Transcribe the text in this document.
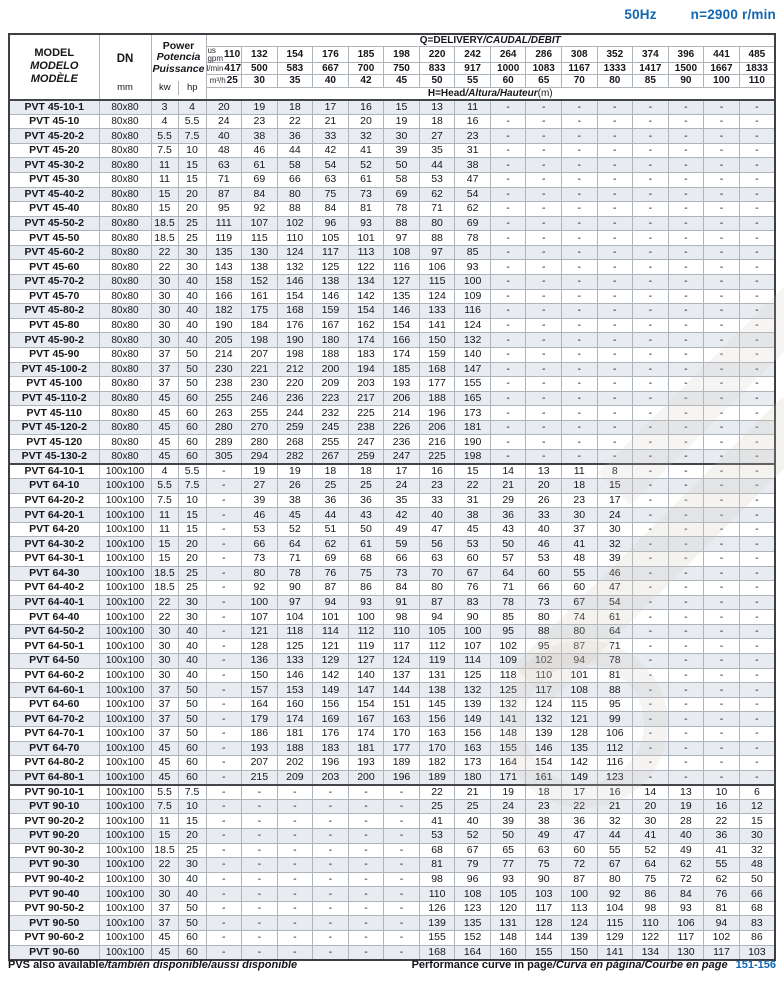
50Hz	n=2900 r/min
MODEL
MODELO
MODÈLE

DN
mm

Power
Potencia
Puissance
kw	hp
	Q=DELIVERY/CAUDAL/DÉBIT

				us
gpm 110	132	154	176	185	198	220	242	264	286	308	352	374	396	441	485

				l/min 417	500	583	667	700	750	833	917	1000	1083	1167	1333	1417	1500	1667	1833

				m³/h 25	30	35	40	42	45	50	55	60	65	70	80	85	90	100	110
				H=Head/Altura/Hauteur(m)															
PVT 45-10-1	80x80	3	4	20	19	18	17	16	15	13	11	-	-	-	-	-	-	-	-
PVT 45-10	80x80	4	5.5	24	23	22	21	20	19	18	16	-	-	-	-	-	-	-	-
PVT 45-20-2	80x80	5.5	7.5	40	38	36	33	32	30	27	23	-	-	-	-	-	-	-	-
PVT 45-20	80x80	7.5	10	48	46	44	42	41	39	35	31	-	-	-	-	-	-	-	-
PVT 45-30-2	80x80	11	15	63	61	58	54	52	50	44	38	-	-	-	-	-	-	-	-
PVT 45-30	80x80	11	15	71	69	66	63	61	58	53	47	-	-	-	-	-	-	-	-
PVT 45-40-2	80x80	15	20	87	84	80	75	73	69	62	54	-	-	-	-	-	-	-	-
PVT 45-40	80x80	15	20	95	92	88	84	81	78	71	62	-	-	-	-	-	-	-	-
PVT 45-50-2	80x80	18.5	25	111	107	102	96	93	88	80	69	-	-	-	-	-	-	-	-
PVT 45-50	80x80	18.5	25	119	115	110	105	101	97	88	78	-	-	-	-	-	-	-	-
PVT 45-60-2	80x80	22	30	135	130	124	117	113	108	97	85	-	-	-	-	-	-	-	-
PVT 45-60	80x80	22	30	143	138	132	125	122	116	106	93	-	-	-	-	-	-	-	-
PVT 45-70-2	80x80	30	40	158	152	146	138	134	127	115	100	-	-	-	-	-	-	-	-
PVT 45-70	80x80	30	40	166	161	154	146	142	135	124	109	-	-	-	-	-	-	-	-
PVT 45-80-2	80x80	30	40	182	175	168	159	154	146	133	116	-	-	-	-	-	-	-	-
PVT 45-80	80x80	30	40	190	184	176	167	162	154	141	124	-	-	-	-	-	-	-	-
PVT 45-90-2	80x80	30	40	205	198	190	180	174	166	150	132	-	-	-	-	-	-	-	-
PVT 45-90	80x80	37	50	214	207	198	188	183	174	159	140	-	-	-	-	-	-	-	-
PVT 45-100-2	80x80	37	50	230	221	212	200	194	185	168	147	-	-	-	-	-	-	-	-
PVT 45-100	80x80	37	50	238	230	220	209	203	193	177	155	-	-	-	-	-	-	-	-
PVT 45-110-2	80x80	45	60	255	246	236	223	217	206	188	165	-	-	-	-	-	-	-	-
PVT 45-110	80x80	45	60	263	255	244	232	225	214	196	173	-	-	-	-	-	-	-	-
PVT 45-120-2	80x80	45	60	280	270	259	245	238	226	206	181	-	-	-	-	-	-	-	-
PVT 45-120	80x80	45	60	289	280	268	255	247	236	216	190	-	-	-	-	-	-	-	-
PVT 45-130-2	80x80	45	60	305	294	282	267	259	247	225	198	-	-	-	-	-	-	-	-
PVT 64-10-1	100x100	4	5.5	-	19	19	18	18	17	16	15	14	13	11	8	-	-	-	-
PVT 64-10	100x100	5.5	7.5	-	27	26	25	25	24	23	22	21	20	18	15	-	-	-	-
PVT 64-20-2	100x100	7.5	10	-	39	38	36	36	35	33	31	29	26	23	17	-	-	-	-
PVT 64-20-1	100x100	11	15	-	46	45	44	43	42	40	38	36	33	30	24	-	-	-	-
PVT 64-20	100x100	11	15	-	53	52	51	50	49	47	45	43	40	37	30	-	-	-	-
PVT 64-30-2	100x100	15	20	-	66	64	62	61	59	56	53	50	46	41	32	-	-	-	-
PVT 64-30-1	100x100	15	20	-	73	71	69	68	66	63	60	57	53	48	39	-	-	-	-
PVT 64-30	100x100	18.5	25	-	80	78	76	75	73	70	67	64	60	55	46	-	-	-	-
PVT 64-40-2	100x100	18.5	25	-	92	90	87	86	84	80	76	71	66	60	47	-	-	-	-
PVT 64-40-1	100x100	22	30	-	100	97	94	93	91	87	83	78	73	67	54	-	-	-	-
PVT 64-40	100x100	22	30	-	107	104	101	100	98	94	90	85	80	74	61	-	-	-	-
PVT 64-50-2	100x100	30	40	-	121	118	114	112	110	105	100	95	88	80	64	-	-	-	-
PVT 64-50-1	100x100	30	40	-	128	125	121	119	117	112	107	102	95	87	71	-	-	-	-
PVT 64-50	100x100	30	40	-	136	133	129	127	124	119	114	109	102	94	78	-	-	-	-
PVT 64-60-2	100x100	30	40	-	150	146	142	140	137	131	125	118	110	101	81	-	-	-	-
PVT 64-60-1	100x100	37	50	-	157	153	149	147	144	138	132	125	117	108	88	-	-	-	-
PVT 64-60	100x100	37	50	-	164	160	156	154	151	145	139	132	124	115	95	-	-	-	-
PVT 64-70-2	100x100	37	50	-	179	174	169	167	163	156	149	141	132	121	99	-	-	-	-
PVT 64-70-1	100x100	37	50	-	186	181	176	174	170	163	156	148	139	128	106	-	-	-	-
PVT 64-70	100x100	45	60	-	193	188	183	181	177	170	163	155	146	135	112	-	-	-	-
PVT 64-80-2	100x100	45	60	-	207	202	196	193	189	182	173	164	154	142	116	-	-	-	-
PVT 64-80-1	100x100	45	60	-	215	209	203	200	196	189	180	171	161	149	123	-	-	-	-
PVT 90-10-1	100x100	5.5	7.5	-	-	-	-	-	-	22	21	19	18	17	16	14	13	10	6
PVT 90-10	100x100	7.5	10	-	-	-	-	-	-	25	25	24	23	22	21	20	19	16	12
PVT 90-20-2	100x100	11	15	-	-	-	-	-	-	41	40	39	38	36	32	30	28	22	15
PVT 90-20	100x100	15	20	-	-	-	-	-	-	53	52	50	49	47	44	41	40	36	30
PVT 90-30-2	100x100	18.5	25	-	-	-	-	-	-	68	67	65	63	60	55	52	49	41	32
PVT 90-30	100x100	22	30	-	-	-	-	-	-	81	79	77	75	72	67	64	62	55	48
PVT 90-40-2	100x100	30	40	-	-	-	-	-	-	98	96	93	90	87	80	75	72	62	50
PVT 90-40	100x100	30	40	-	-	-	-	-	-	110	108	105	103	100	92	86	84	76	66
PVT 90-50-2	100x100	37	50	-	-	-	-	-	-	126	123	120	117	113	104	98	93	81	68
PVT 90-50	100x100	37	50	-	-	-	-	-	-	139	135	131	128	124	115	110	106	94	83
PVT 90-60-2	100x100	45	60	-	-	-	-	-	-	155	152	148	144	139	129	122	117	102	86
PVT 90-60	100x100	45	60	-	-	-	-	-	-	168	164	160	155	150	141	134	130	117	103
PVS also available/también disponible/aussi disponible	Performance curve in page/Curva en página/Courbe en page 151-156
